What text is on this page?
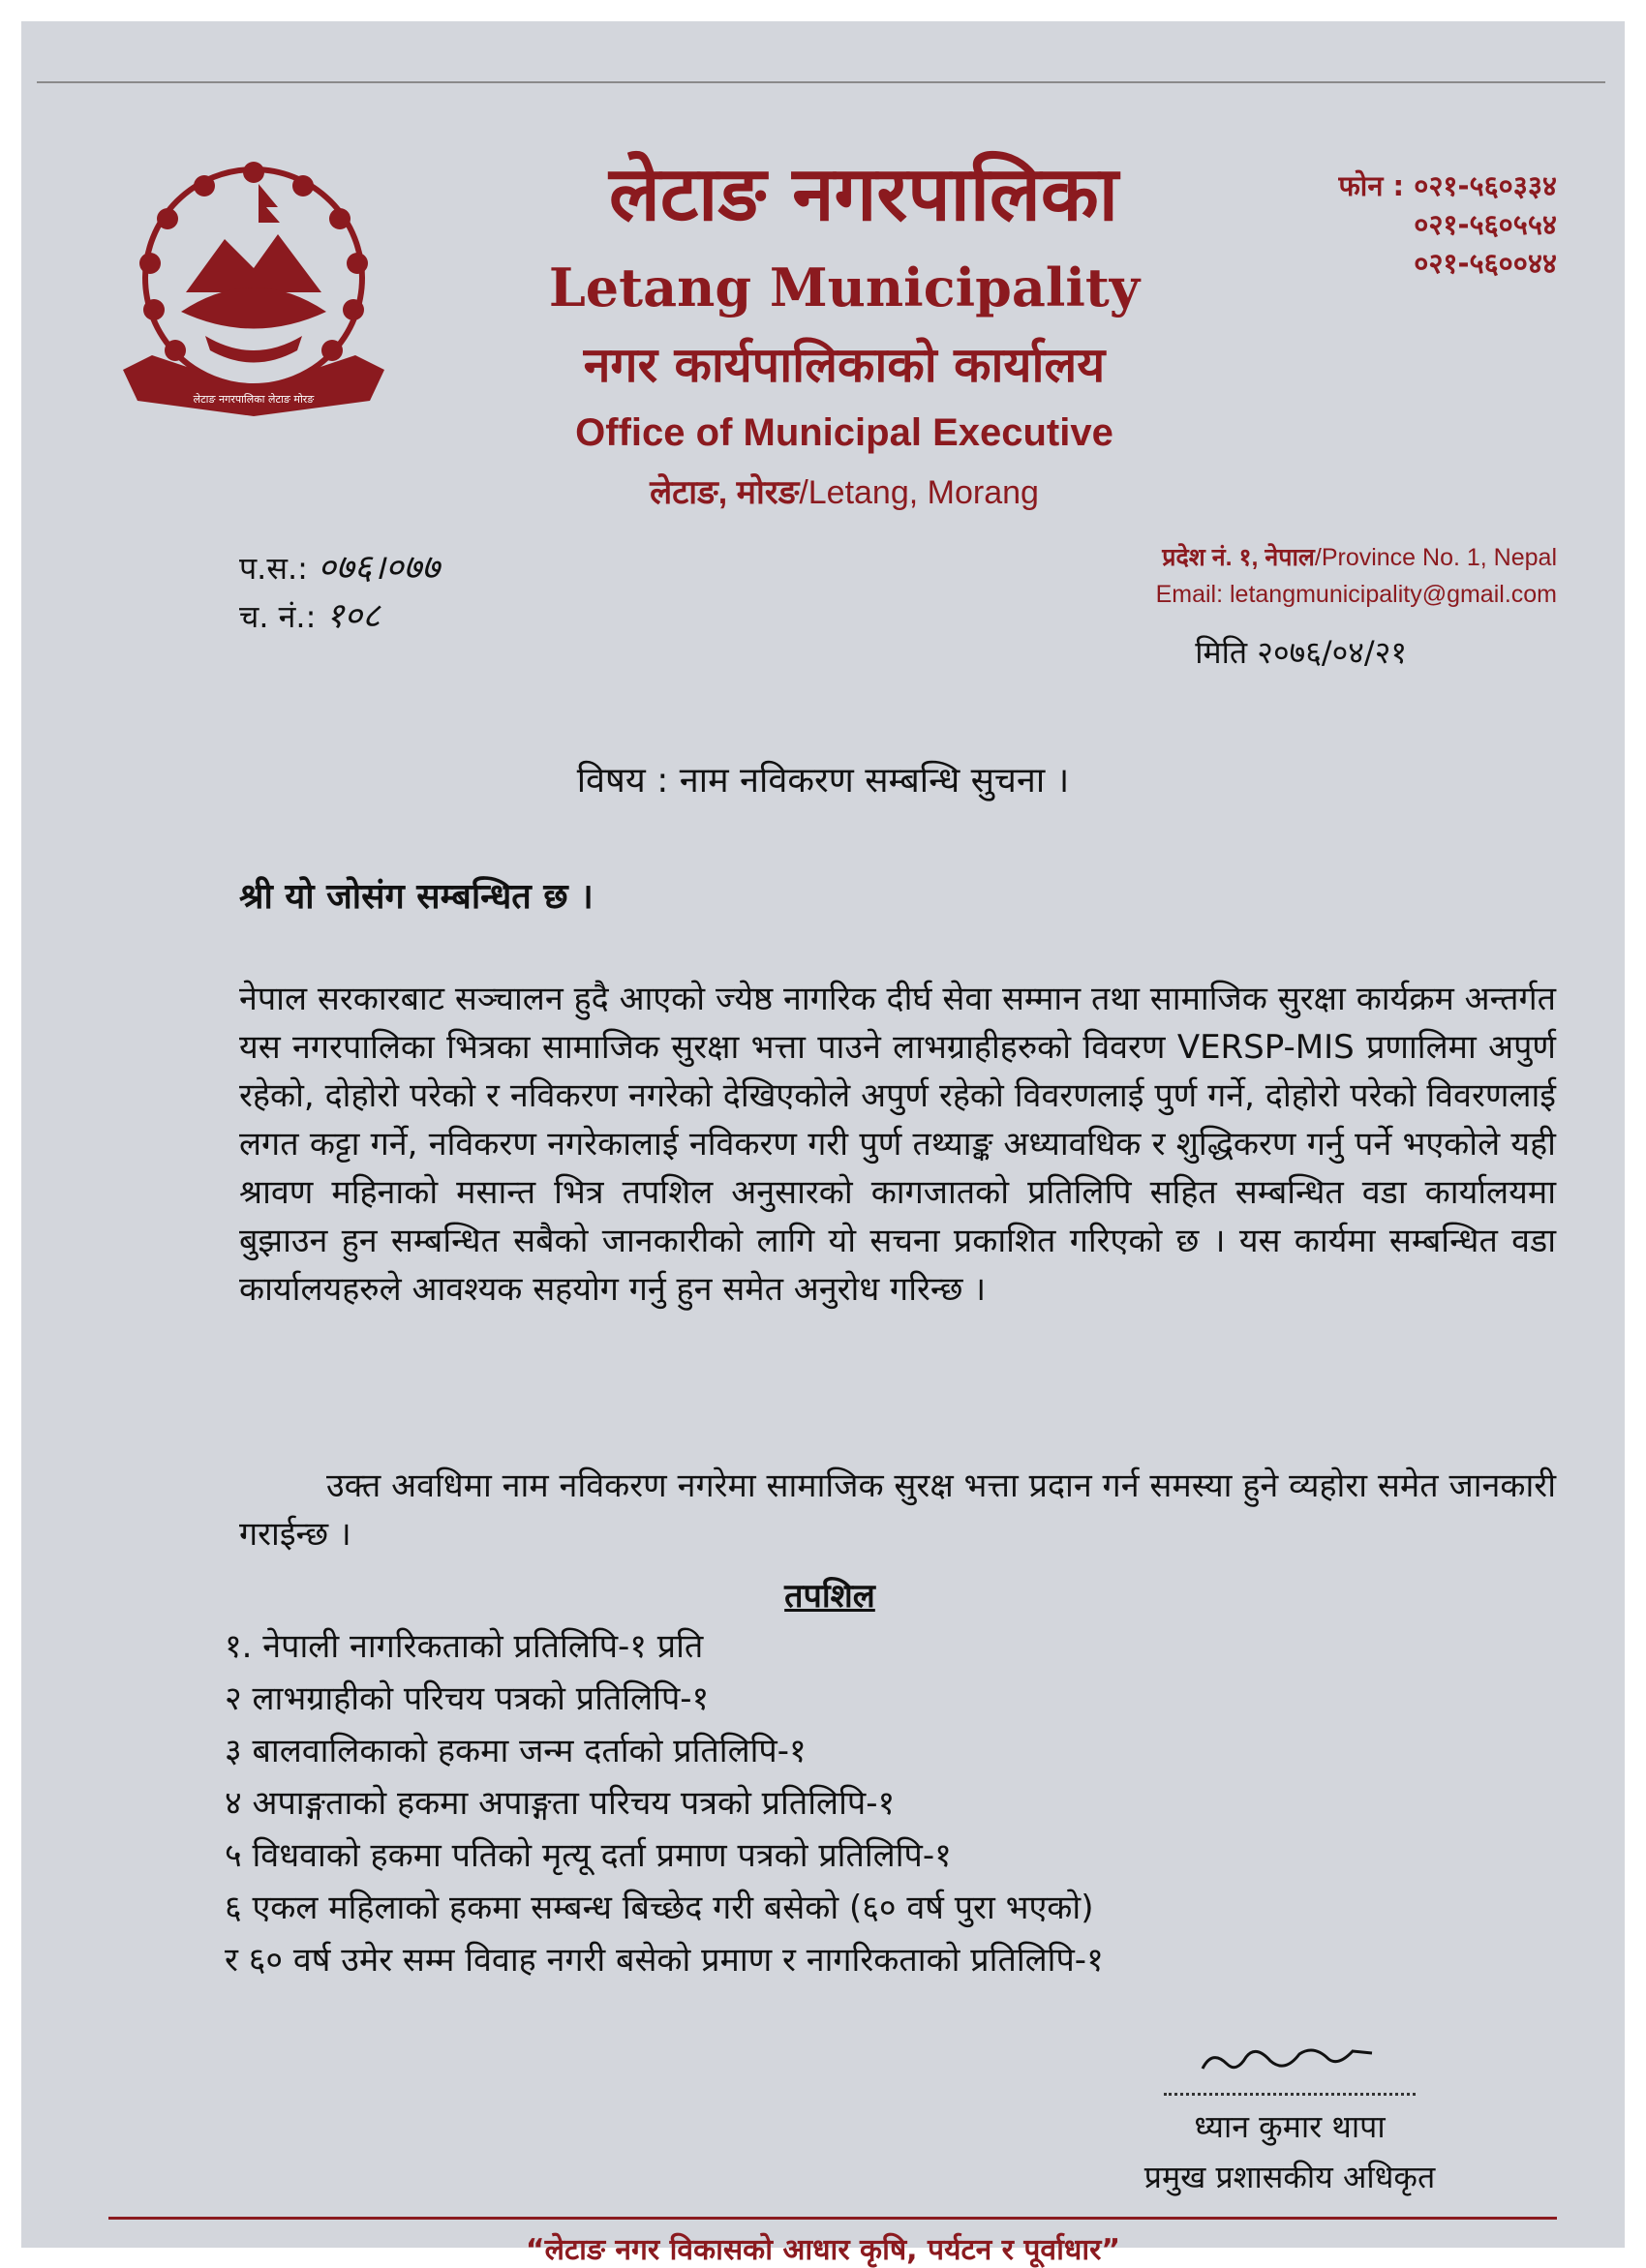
लेटाङ नगरपालिका लेटाङ मोरङ
लेटाङ नगरपालिका
Letang Municipality
नगर कार्यपालिकाको कार्यालय
Office of Municipal Executive
लेटाङ, मोरङ/Letang, Morang
फोन : ०२१-५६०३३४
०२१-५६०५५४
०२१-५६००४४
प.स.: ०७६।०७७
च. नं.: १०८
प्रदेश नं. १, नेपाल/Province No. 1, Nepal
Email: letangmunicipality@gmail.com
मिति २०७६/०४/२१
विषय : नाम नविकरण सम्बन्धि सुचना ।
श्री यो जोसंग सम्बन्धित छ ।

नेपाल सरकारबाट सञ्चालन हुदै आएको ज्येष्ठ नागरिक दीर्घ सेवा सम्मान तथा सामाजिक सुरक्षा कार्यक्रम अन्तर्गत यस नगरपालिका भित्रका सामाजिक सुरक्षा भत्ता पाउने लाभग्राहीहरुको विवरण VERSP-MIS प्रणालिमा अपुर्ण रहेको, दोहोरो परेको र नविकरण नगरेको देखिएकोले अपुर्ण रहेको विवरणलाई पुर्ण गर्ने, दोहोरो परेको विवरणलाई लगत कट्टा गर्ने, नविकरण नगरेकालाई नविकरण गरी पुर्ण तथ्याङ्क अध्यावधिक र शुद्धिकरण गर्नु पर्ने भएकोले यही श्रावण महिनाको मसान्त भित्र तपशिल अनुसारको कागजातको प्रतिलिपि सहित सम्बन्धित वडा कार्यालयमा बुझाउन हुन सम्बन्धित सबैको जानकारीको लागि यो सचना प्रकाशित गरिएको छ । यस कार्यमा सम्बन्धित वडा कार्यालयहरुले आवश्यक सहयोग गर्नु हुन समेत अनुरोध गरिन्छ ।

उक्त अवधिमा नाम नविकरण नगरेमा सामाजिक सुरक्ष भत्ता प्रदान गर्न समस्या हुने व्यहोरा समेत जानकारी गराईन्छ ।

तपशिल
१. नेपाली नागरिकताको प्रतिलिपि-१ प्रति
२ लाभग्राहीको परिचय पत्रको प्रतिलिपि-१
३ बालवालिकाको हकमा जन्म दर्ताको प्रतिलिपि-१
४ अपाङ्गताको हकमा अपाङ्गता परिचय पत्रको प्रतिलिपि-१
५ विधवाको हकमा पतिको मृत्यू दर्ता प्रमाण पत्रको प्रतिलिपि-१
६ एकल महिलाको हकमा सम्बन्ध बिच्छेद गरी बसेको (६० वर्ष पुरा भएको)
र ६० वर्ष उमेर सम्म विवाह नगरी बसेको प्रमाण र नागरिकताको प्रतिलिपि-१
ध्यान कुमार थापा
प्रमुख प्रशासकीय अधिकृत
“लेटाङ नगर विकासको आधार कृषि, पर्यटन र पूर्वाधार”
